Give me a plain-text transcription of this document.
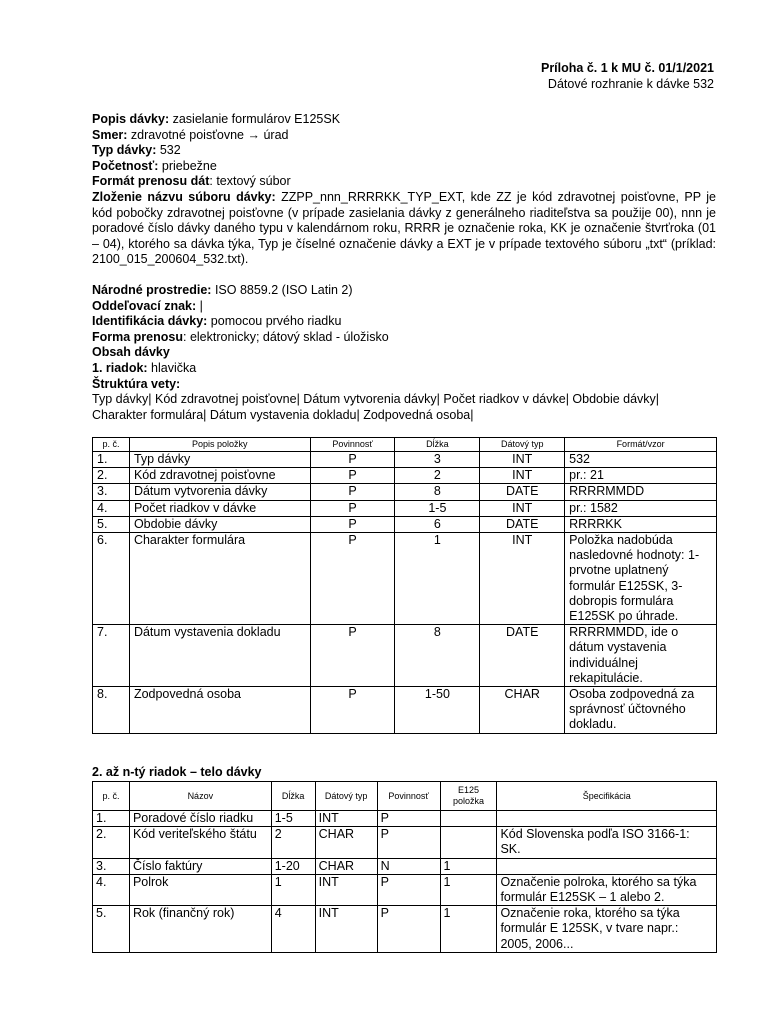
Príloha č. 1 k MU č. 01/1/2021
Dátové rozhranie k dávke 532

Popis dávky: zasielanie formulárov E125SK

Smer: zdravotné poisťovne → úrad

Typ dávky: 532

Početnosť: priebežne

Formát prenosu dát: textový súbor

Zloženie názvu súboru dávky: ZZPP_nnn_RRRRKK_TYP_EXT, kde ZZ je kód zdravotnej poisťovne, PP je kód pobočky zdravotnej poisťovne (v prípade zasielania dávky z generálneho riaditeľstva sa použije 00), nnn je poradové číslo dávky daného typu v kalendárnom roku, RRRR je označenie roka, KK je označenie štvrťroka (01 – 04), ktorého sa dávka týka, Typ je číselné označenie dávky a EXT je v prípade textového súboru „txt“ (príklad: 2100_015_200604_532.txt).

Národné prostredie: ISO 8859.2 (ISO Latin 2)

Oddeľovací znak: |

Identifikácia dávky: pomocou prvého riadku

Forma prenosu: elektronicky; dátový sklad - úložisko

Obsah dávky

1. riadok: hlavička

Štruktúra vety:

Typ dávky| Kód zdravotnej poisťovne| Dátum vytvorenia dávky| Počet riadkov v dávke| Obdobie dávky| Charakter formulára| Dátum vystavenia dokladu| Zodpovedná osoba|

p. č.	Popis položky	Povinnosť	Dĺžka	Dátový typ	Formát/vzor
1.	Typ dávky	P	3	INT	532
2.	Kód zdravotnej poisťovne	P	2	INT	pr.: 21
3.	Dátum vytvorenia dávky	P	8	DATE	RRRRMMDD
4.	Počet riadkov v dávke	P	1-5	INT	pr.: 1582
5.	Obdobie dávky	P	6	DATE	RRRRKK
6.	Charakter formulára	P	1	INT	Položka nadobúda nasledovné hodnoty: 1-prvotne uplatnený formulár E125SK, 3-dobropis formulára E125SK po úhrade.
7.	Dátum vystavenia dokladu	P	8	DATE	RRRRMMDD, ide o dátum vystavenia individuálnej rekapitulácie.
8.	Zodpovedná osoba	P	1-50	CHAR	Osoba zodpovedná za správnosť účtovného dokladu.
2. až n-tý riadok – telo dávky
p. č.	Názov	Dĺžka	Dátový typ	Povinnosť	E125 položka	Špecifikácia
1.	Poradové číslo riadku	1-5	INT	P		
2.	Kód veriteľského štátu	2	CHAR	P		Kód Slovenska podľa ISO 3166-1: SK.
3.	Číslo faktúry	1-20	CHAR	N	1	
4.	Polrok	1	INT	P	1	Označenie polroka, ktorého sa týka formulár E125SK – 1 alebo 2.
5.	Rok (finančný rok)	4	INT	P	1	Označenie roka, ktorého sa týka formulár E 125SK, v tvare napr.: 2005, 2006...
